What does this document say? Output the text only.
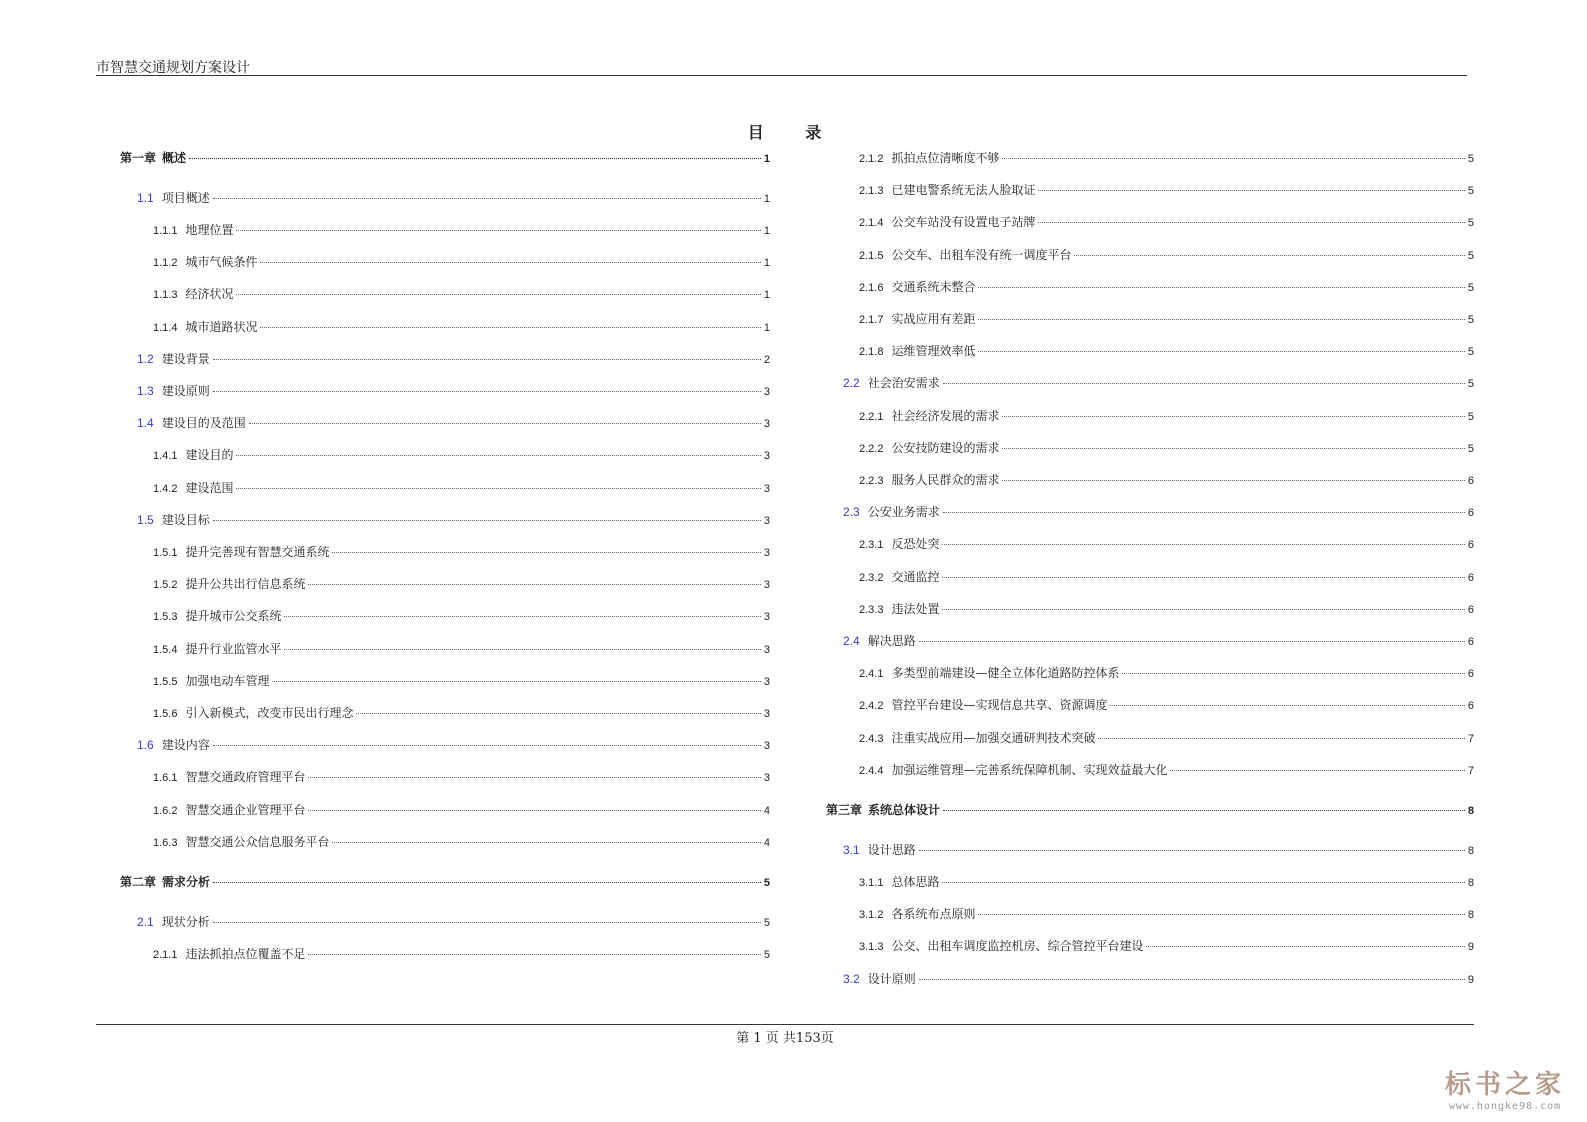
市智慧交通规划方案设计
目 录
第一章 概述	1
1.1 项目概述	1
1.1.1 地理位置	1
1.1.2 城市气候条件	1
1.1.3 经济状况	1
1.1.4 城市道路状况	1
1.2 建设背景	2
1.3 建设原则	3
1.4 建设目的及范围	3
1.4.1 建设目的	3
1.4.2 建设范围	3
1.5 建设目标	3
1.5.1 提升完善现有智慧交通系统	3
1.5.2 提升公共出行信息系统	3
1.5.3 提升城市公交系统	3
1.5.4 提升行业监管水平	3
1.5.5 加强电动车管理	3
1.5.6 引入新模式，改变市民出行理念	3
1.6 建设内容	3
1.6.1 智慧交通政府管理平台	3
1.6.2 智慧交通企业管理平台	4
1.6.3 智慧交通公众信息服务平台	4
第二章 需求分析	5
2.1 现状分析	5
2.1.1 违法抓拍点位覆盖不足	5
2.1.2 抓拍点位清晰度不够	5
2.1.3 已建电警系统无法人脸取证	5
2.1.4 公交车站没有设置电子站牌	5
2.1.5 公交车、出租车没有统一调度平台	5
2.1.6 交通系统未整合	5
2.1.7 实战应用有差距	5
2.1.8 运维管理效率低	5
2.2 社会治安需求	5
2.2.1 社会经济发展的需求	5
2.2.2 公安技防建设的需求	5
2.2.3 服务人民群众的需求	6
2.3 公安业务需求	6
2.3.1 反恐处突	6
2.3.2 交通监控	6
2.3.3 违法处置	6
2.4 解决思路	6
2.4.1 多类型前端建设—健全立体化道路防控体系	6
2.4.2 管控平台建设—实现信息共享、资源调度	6
2.4.3 注重实战应用—加强交通研判技术突破	7
2.4.4 加强运维管理—完善系统保障机制、实现效益最大化	7
第三章 系统总体设计	8
3.1 设计思路	8
3.1.1 总体思路	8
3.1.2 各系统布点原则	8
3.1.3 公交、出租车调度监控机房、综合管控平台建设	9
3.2 设计原则	9
第 1 页 共153页
标书之家
www.hongke98.com
